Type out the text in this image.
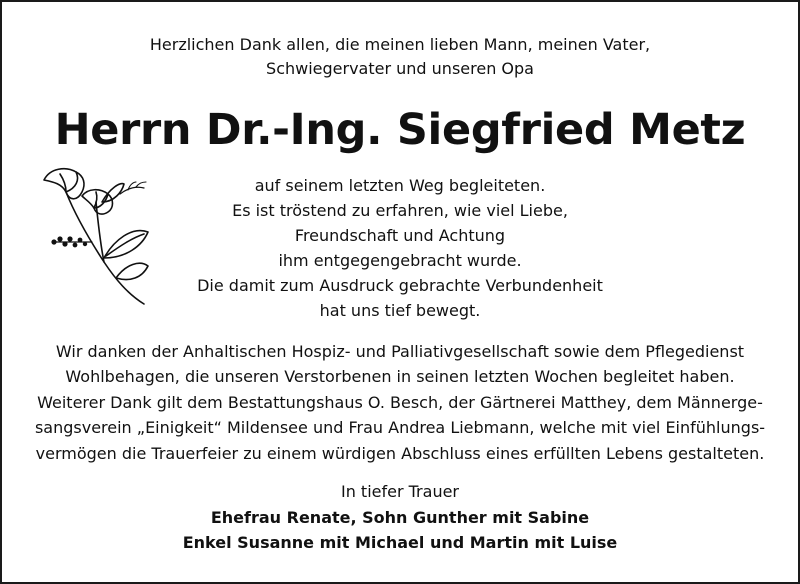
Herzlichen Dank allen, die meinen lieben Mann, meinen Vater,
Schwiegervater und unseren Opa
Herrn Dr.-Ing. Siegfried Metz
auf seinem letzten Weg begleiteten.
Es ist tröstend zu erfahren, wie viel Liebe,
Freundschaft und Achtung
ihm entgegengebracht wurde.
Die damit zum Ausdruck gebrachte Verbundenheit
hat uns tief bewegt.
Wir danken der Anhaltischen Hospiz- und Palliativgesellschaft sowie dem Pflegedienst
Wohlbehagen, die unseren Verstorbenen in seinen letzten Wochen begleitet haben.
Weiterer Dank gilt dem Bestattungshaus O. Besch, der Gärtnerei Matthey, dem Männerge-
sangsverein „Einigkeit“ Mildensee und Frau Andrea Liebmann, welche mit viel Einfühlungs-
vermögen die Trauerfeier zu einem würdigen Abschluss eines erfüllten Lebens gestalteten.
In tiefer Trauer
Ehefrau Renate, Sohn Gunther mit Sabine
Enkel Susanne mit Michael und Martin mit Luise
